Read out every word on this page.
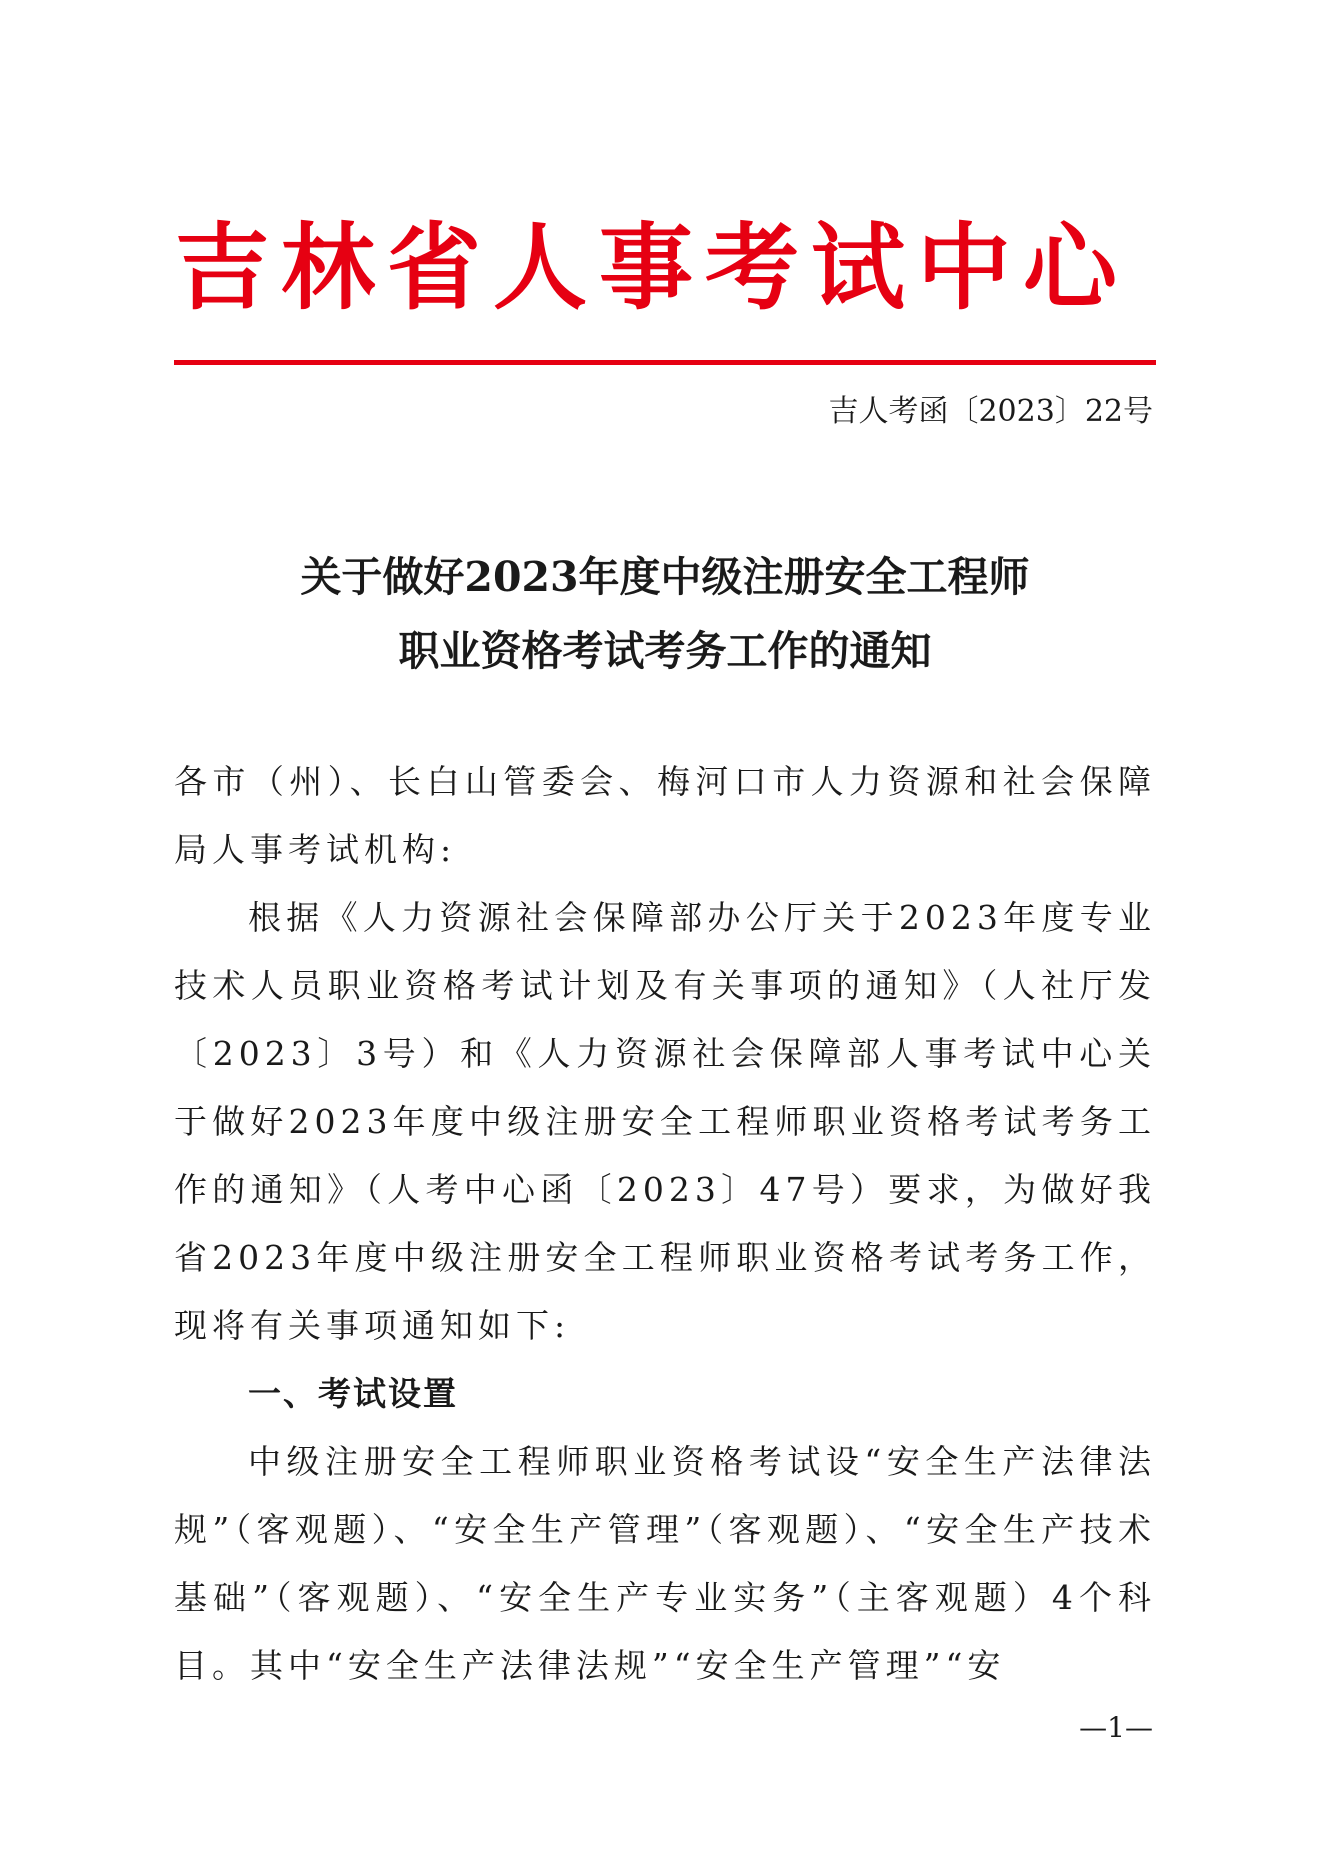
吉林省人事考试中心
吉人考函〔2023〕22号
关于做好2023年度中级注册安全工程师
职业资格考试考务工作的通知

各市（州）、长白山管委会、梅河口市人力资源和社会保障局人事考试机构:

根据《人力资源社会保障部办公厅关于2023年度专业技术人员职业资格考试计划及有关事项的通知》（人社厅发〔2023〕3号）和《人力资源社会保障部人事考试中心关于做好2023年度中级注册安全工程师职业资格考试考务工作的通知》（人考中心函〔2023〕47号）要求，为做好我省2023年度中级注册安全工程师职业资格考试考务工作，现将有关事项通知如下:

一、考试设置

中级注册安全工程师职业资格考试设“安全生产法律法规”（客观题）、“安全生产管理”（客观题）、“安全生产技术基础”（客观题）、“安全生产专业实务”（主客观题）4个科目。其中“安全生产法律法规”“安全生产管理”“安

—1—
